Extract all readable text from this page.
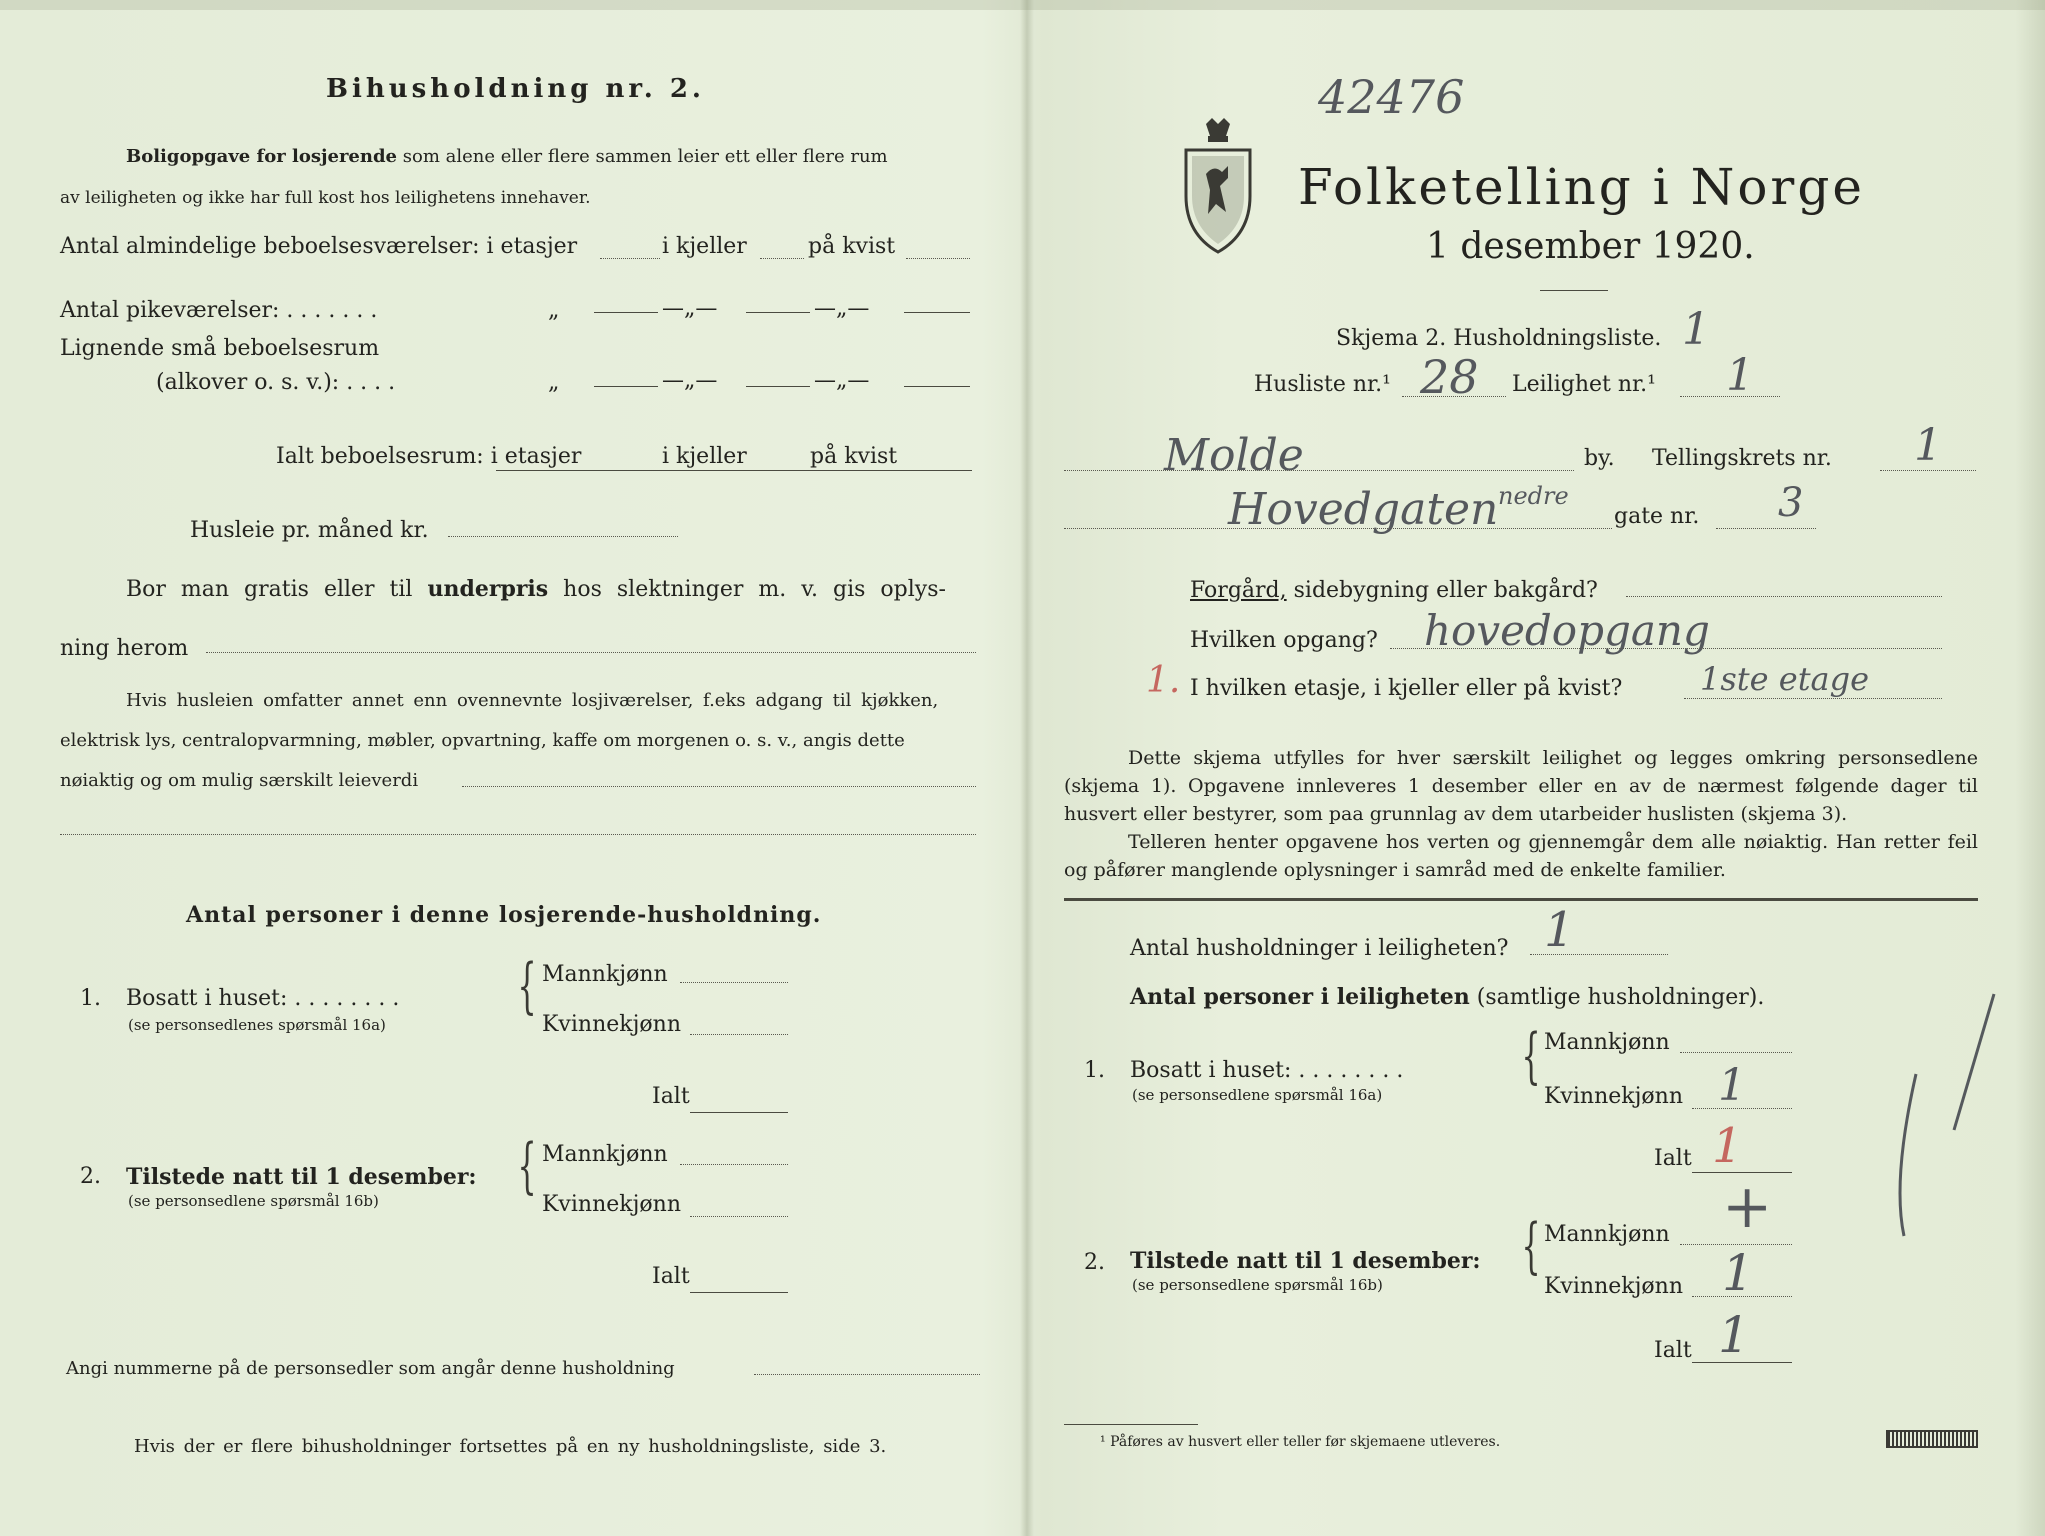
Bihusholdning nr. 2.
Boligopgave for losjerende som alene eller flere sammen leier ett eller flere rum
av leiligheten og ikke har full kost hos leilighetens innehaver.
Antal almindelige beboelsesværelser: i etasjer	i kjeller	på kvist
Antal pikeværelser: . . . . . . .	„	—„—	—„—
Lignende små beboelsesrum
(alkover o. s. v.): . . . .	„	—„—	—„—
Ialt beboelsesrum: i etasjer	i kjeller	på kvist
Husleie pr. måned kr.
Bor man gratis eller til underpris hos slektninger m. v. gis oplys-
ning herom
Hvis husleien omfatter annet enn ovennevnte losjiværelser, f.eks adgang til kjøkken,
elektrisk lys, centralopvarmning, møbler, opvartning, kaffe om morgenen o. s. v., angis dette
nøiaktig og om mulig særskilt leieverdi
Antal personer i denne losjerende-husholdning.
1. Bosatt i huset: . . . . . . . .
(se personsedlenes spørsmål 16a)
{ Mannkjønn
Kvinnekjønn
Ialt
2. Tilstede natt til 1 desember:
(se personsedlene spørsmål 16b) { Mannkjønn
Kvinnekjønn
Ialt
Angi nummerne på de personsedler som angår denne husholdning
Hvis der er flere bihusholdninger fortsettes på en ny husholdningsliste, side 3.
42476
Folketelling i Norge
1 desember 1920.
Skjema 2. Husholdningsliste. 1
Husliste nr.¹ 28 Leilighet nr.¹ 1
Molde	by. Tellingskrets nr. 1
Hovedgaten nedre
gate nr. 3
Forgård, sidebygning eller bakgård?
Hvilken opgang? hovedopgang
1. I hvilken etasje, i kjeller eller på kvist? 1ste etage
Dette skjema utfylles for hver særskilt leilighet og legges omkring personsedlene (skjema 1). Opgavene innleveres 1 desember eller en av de nærmest følgende dager til husvert eller bestyrer, som paa grunnlag av dem utarbeider huslisten (skjema 3).
Telleren henter opgavene hos verten og gjennemgår dem alle nøiaktig. Han retter feil og påfører manglende oplysninger i samråd med de enkelte familier.
Antal husholdninger i leiligheten? 1
Antal personer i leiligheten (samtlige husholdninger).
1. Bosatt i huset: . . . . . . . .
(se personsedlene spørsmål 16a)
{ Mannkjønn
Kvinnekjønn 1
Ialt 1
2. Tilstede natt til 1 desember:
(se personsedlene spørsmål 16b)
{ Mannkjønn +
Kvinnekjønn 1
Ialt 1
¹ Påføres av husvert eller teller før skjemaene utleveres.
